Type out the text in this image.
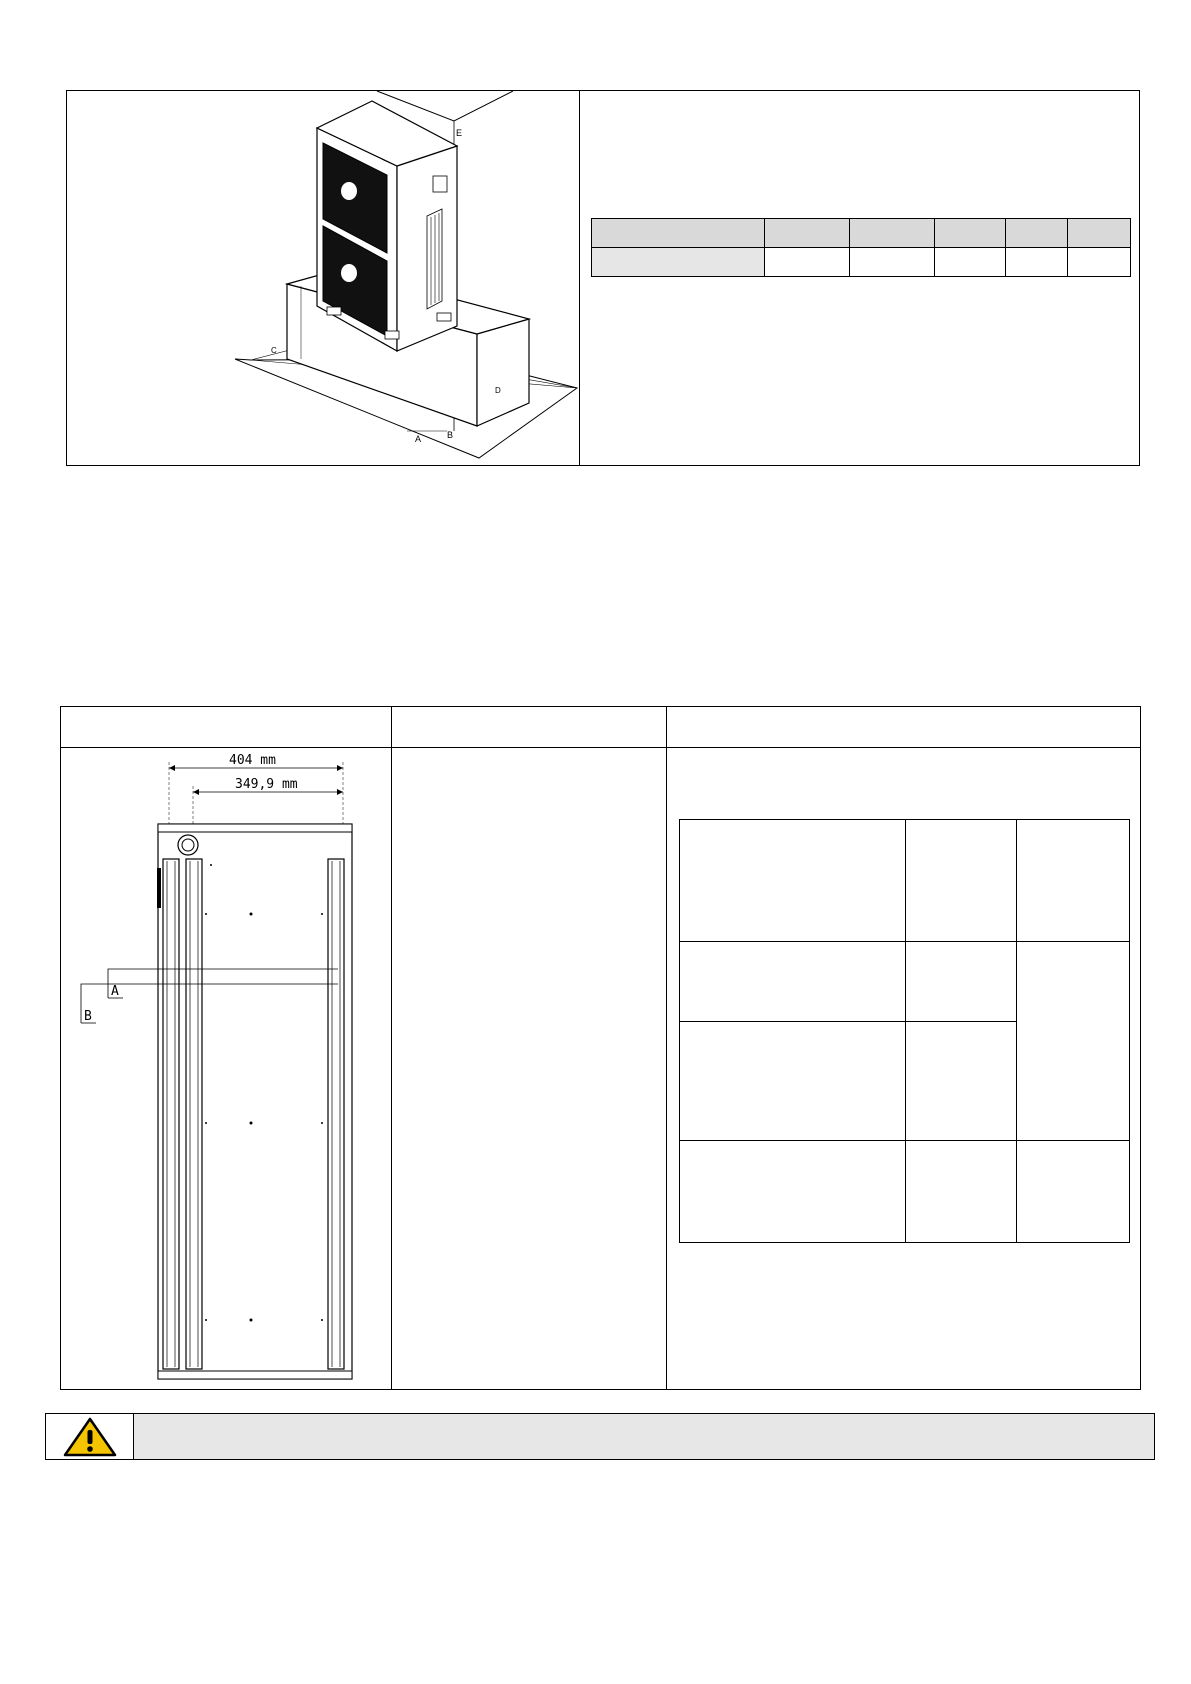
A	B
C
D
E

404 mm
349,9 mm
A
B		
